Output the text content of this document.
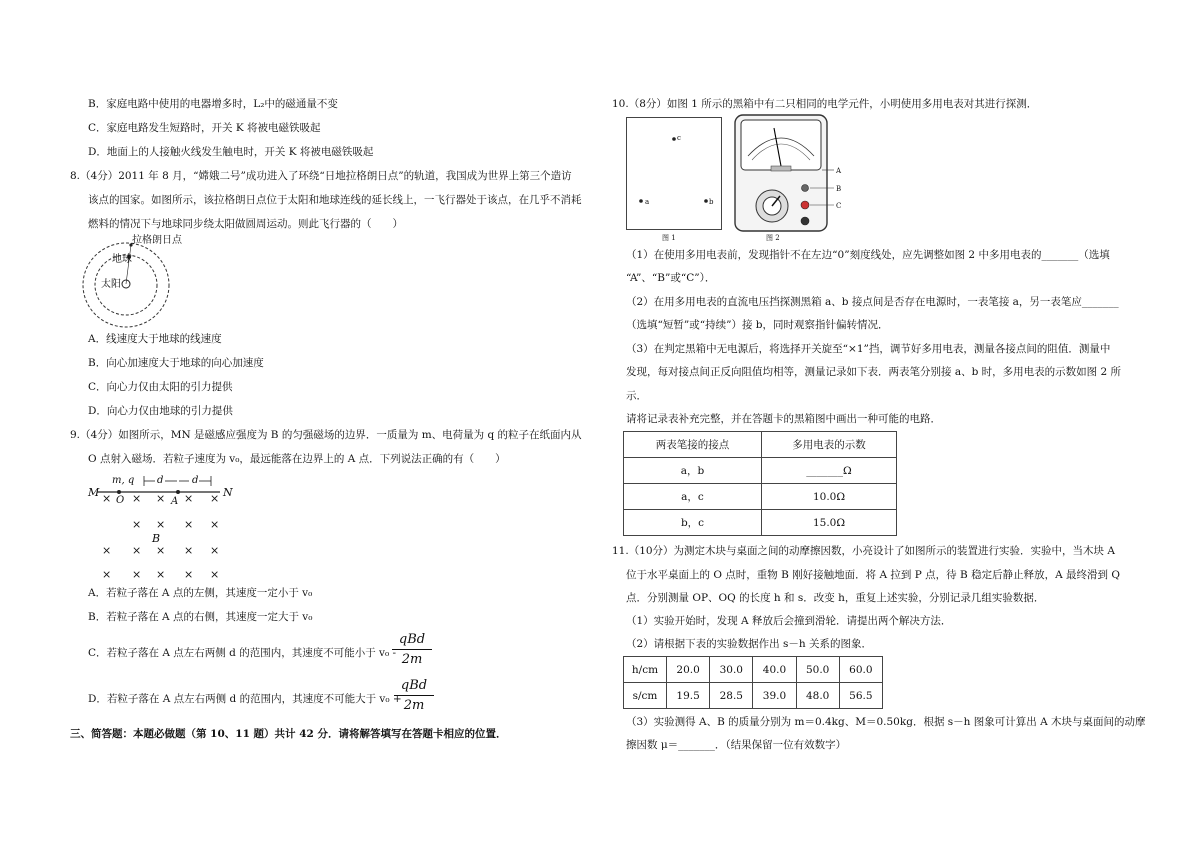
B．家庭电路中使用的电器增多时，L₂中的磁通量不变
C．家庭电路发生短路时，开关 K 将被电磁铁吸起
D．地面上的人接触火线发生触电时，开关 K 将被电磁铁吸起
8.（4分）2011 年 8 月，“嫦娥二号”成功进入了环绕“日地拉格朗日点”的轨道，我国成为世界上第三个造访
该点的国家。如图所示，该拉格朗日点位于太阳和地球连线的延长线上，一飞行器处于该点，在几乎不消耗
燃料的情况下与地球同步绕太阳做圆周运动。则此飞行器的（　　）
拉格朗日点
地球
太阳
A．线速度大于地球的线速度
B．向心加速度大于地球的向心加速度
C．向心力仅由太阳的引力提供
D．向心力仅由地球的引力提供
9.（4分）如图所示，MN 是磁感应强度为 B 的匀强磁场的边界．一质量为 m、电荷量为 q 的粒子在纸面内从
O 点射入磁场．若粒子速度为 v₀，最远能落在边界上的 A 点．下列说法正确的有（　　）
M	N
m, q
O	A
d	d
B
× × × × ×
× × × ×
× × × × ×
× × × × ×
A．若粒子落在 A 点的左侧，其速度一定小于 v₀
B．若粒子落在 A 点的右侧，其速度一定大于 v₀
C．若粒子落在 A 点左右两侧 d 的范围内，其速度不可能小于 v₀ -
qBd
2m
D．若粒子落在 A 点左右两侧 d 的范围内，其速度不可能大于 v₀ +
qBd
2m
三、简答题：本题必做题（第 10、11 题）共计 42 分．请将解答填写在答题卡相应的位置．
10.（8分）如图 1 所示的黑箱中有二只相同的电学元件，小明使用多用电表对其进行探测．
c
a	b
图 1
A
B
C
图 2
（1）在使用多用电表前，发现指针不在左边“0”刻度线处，应先调整如图 2 中多用电表的_______（选填
“A”、“B”或“C”）．
（2）在用多用电表的直流电压挡探测黑箱 a、b 接点间是否存在电源时，一表笔接 a，另一表笔应_______
（选填“短暂”或“持续”）接 b，同时观察指针偏转情况．
（3）在判定黑箱中无电源后，将选择开关旋至“×1”挡，调节好多用电表，测量各接点间的阻值．测量中
发现，每对接点间正反向阻值均相等，测量记录如下表．两表笔分别接 a、b 时，多用电表的示数如图 2 所
示．
请将记录表补充完整，并在答题卡的黑箱图中画出一种可能的电路．
两表笔接的接点	多用电表的示数
a，b	_______Ω
a，c	10.0Ω
b，c	15.0Ω
11.（10分）为测定木块与桌面之间的动摩擦因数，小亮设计了如图所示的装置进行实验．实验中，当木块 A
位于水平桌面上的 O 点时，重物 B 刚好接触地面．将 A 拉到 P 点，待 B 稳定后静止释放，A 最终滑到 Q
点．分别测量 OP、OQ 的长度 h 和 s．改变 h，重复上述实验，分别记录几组实验数据．
（1）实验开始时，发现 A 释放后会撞到滑轮．请提出两个解决方法．
（2）请根据下表的实验数据作出 s－h 关系的图象．
h/cm	20.0	30.0	40.0	50.0	60.0
s/cm	19.5	28.5	39.0	48.0	56.5
（3）实验测得 A、B 的质量分别为 m＝0.4kg、M＝0.50kg．根据 s－h 图象可计算出 A 木块与桌面间的动摩
擦因数 μ＝_______．（结果保留一位有效数字）
